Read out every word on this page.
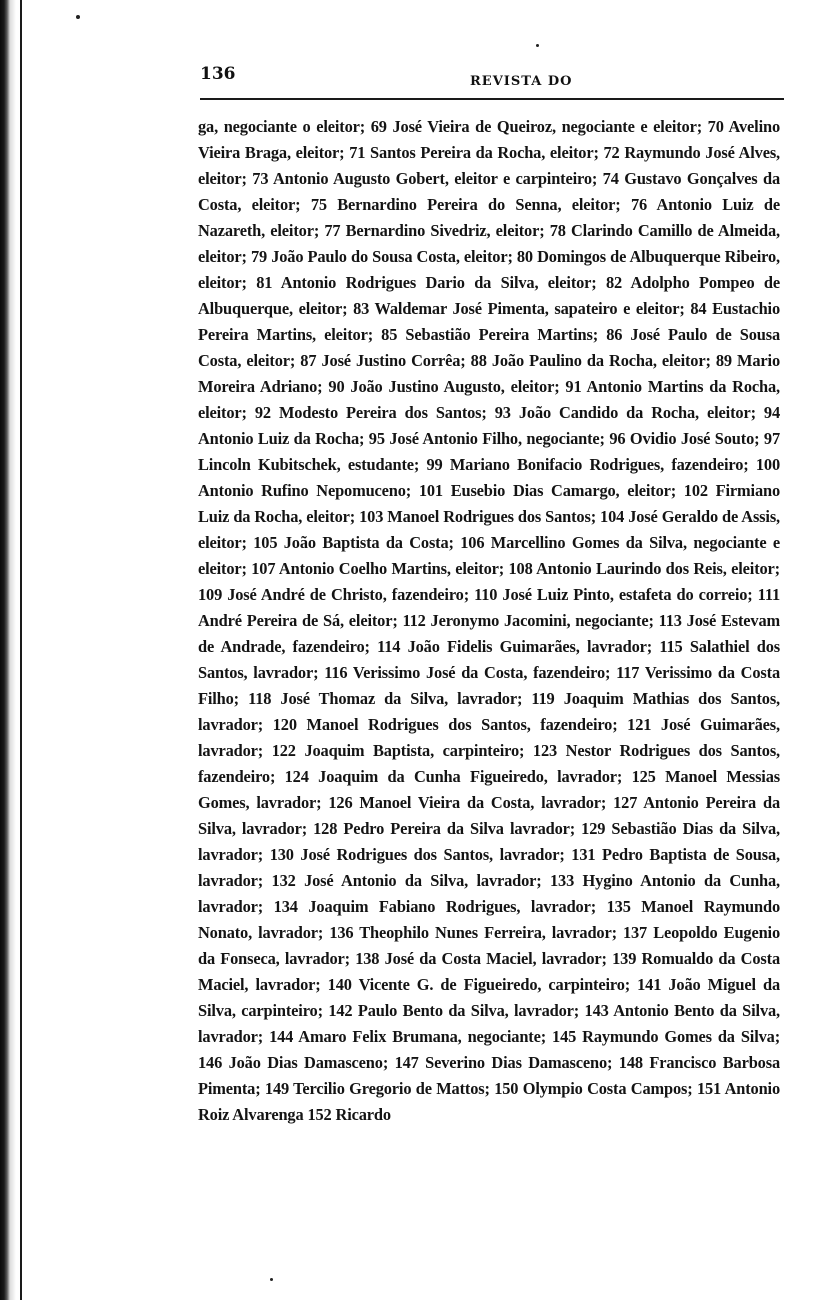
136	REVISTA DO

ga, negociante o eleitor; 69 José Vieira de Queiroz, negociante e eleitor; 70 Avelino Vieira Braga, eleitor; 71 Santos Pereira da Rocha, eleitor; 72 Raymundo José Alves, eleitor; 73 Antonio Augusto Gobert, eleitor e carpinteiro; 74 Gustavo Gonçalves da Costa, eleitor; 75 Bernardino Pereira do Senna, eleitor; 76 Antonio Luiz de Nazareth, eleitor; 77 Bernardino Sivedriz, eleitor; 78 Clarindo Camillo de Almeida, eleitor; 79 João Paulo do Sousa Costa, eleitor; 80 Domingos de Albuquerque Ribeiro, eleitor; 81 Antonio Rodrigues Dario da Silva, eleitor; 82 Adolpho Pompeo de Albuquerque, eleitor; 83 Waldemar José Pimenta, sapateiro e eleitor; 84 Eustachio Pereira Martins, eleitor; 85 Sebastião Pereira Martins; 86 José Paulo de Sousa Costa, eleitor; 87 José Justino Corrêa; 88 João Paulino da Rocha, eleitor; 89 Mario Moreira Adriano; 90 João Justino Augusto, eleitor; 91 Antonio Martins da Rocha, eleitor; 92 Modesto Pereira dos Santos; 93 João Candido da Rocha, eleitor; 94 Antonio Luiz da Rocha; 95 José Antonio Filho, negociante; 96 Ovidio José Souto; 97 Lincoln Kubitschek, estudante; 99 Mariano Bonifacio Rodrigues, fazendeiro; 100 Antonio Rufino Nepomuceno; 101 Eusebio Dias Camargo, eleitor; 102 Firmiano Luiz da Rocha, eleitor; 103 Manoel Rodrigues dos Santos; 104 José Geraldo de Assis, eleitor; 105 João Baptista da Costa; 106 Marcellino Gomes da Silva, negociante e eleitor; 107 Antonio Coelho Martins, eleitor; 108 Antonio Laurindo dos Reis, eleitor; 109 José André de Christo, fazendeiro; 110 José Luiz Pinto, estafeta do correio; 111 André Pereira de Sá, eleitor; 112 Jeronymo Jacomini, negociante; 113 José Estevam de Andrade, fazendeiro; 114 João Fidelis Guimarães, lavrador; 115 Salathiel dos Santos, lavrador; 116 Verissimo José da Costa, fazendeiro; 117 Verissimo da Costa Filho; 118 José Thomaz da Silva, lavrador; 119 Joaquim Mathias dos Santos, lavrador; 120 Manoel Rodrigues dos Santos, fazendeiro; 121 José Guimarães, lavrador; 122 Joaquim Baptista, carpinteiro; 123 Nestor Rodrigues dos Santos, fazendeiro; 124 Joaquim da Cunha Figueiredo, lavrador; 125 Manoel Messias Gomes, lavrador; 126 Manoel Vieira da Costa, lavrador; 127 Antonio Pereira da Silva, lavrador; 128 Pedro Pereira da Silva lavrador; 129 Sebastião Dias da Silva, lavrador; 130 José Rodrigues dos Santos, lavrador; 131 Pedro Baptista de Sousa, lavrador; 132 José Antonio da Silva, lavrador; 133 Hygino Antonio da Cunha, lavrador; 134 Joaquim Fabiano Rodrigues, lavrador; 135 Manoel Raymundo Nonato, lavrador; 136 Theophilo Nunes Ferreira, lavrador; 137 Leopoldo Eugenio da Fonseca, lavrador; 138 José da Costa Maciel, lavrador; 139 Romualdo da Costa Maciel, lavrador; 140 Vicente G. de Figueiredo, carpinteiro; 141 João Miguel da Silva, carpinteiro; 142 Paulo Bento da Silva, lavrador; 143 Antonio Bento da Silva, lavrador; 144 Amaro Felix Brumana, negociante; 145 Raymundo Gomes da Silva; 146 João Dias Damasceno; 147 Severino Dias Damasceno; 148 Francisco Barbosa Pimenta; 149 Tercilio Gregorio de Mattos; 150 Olympio Costa Campos; 151 Antonio Roiz Alvarenga 152 Ricardo
